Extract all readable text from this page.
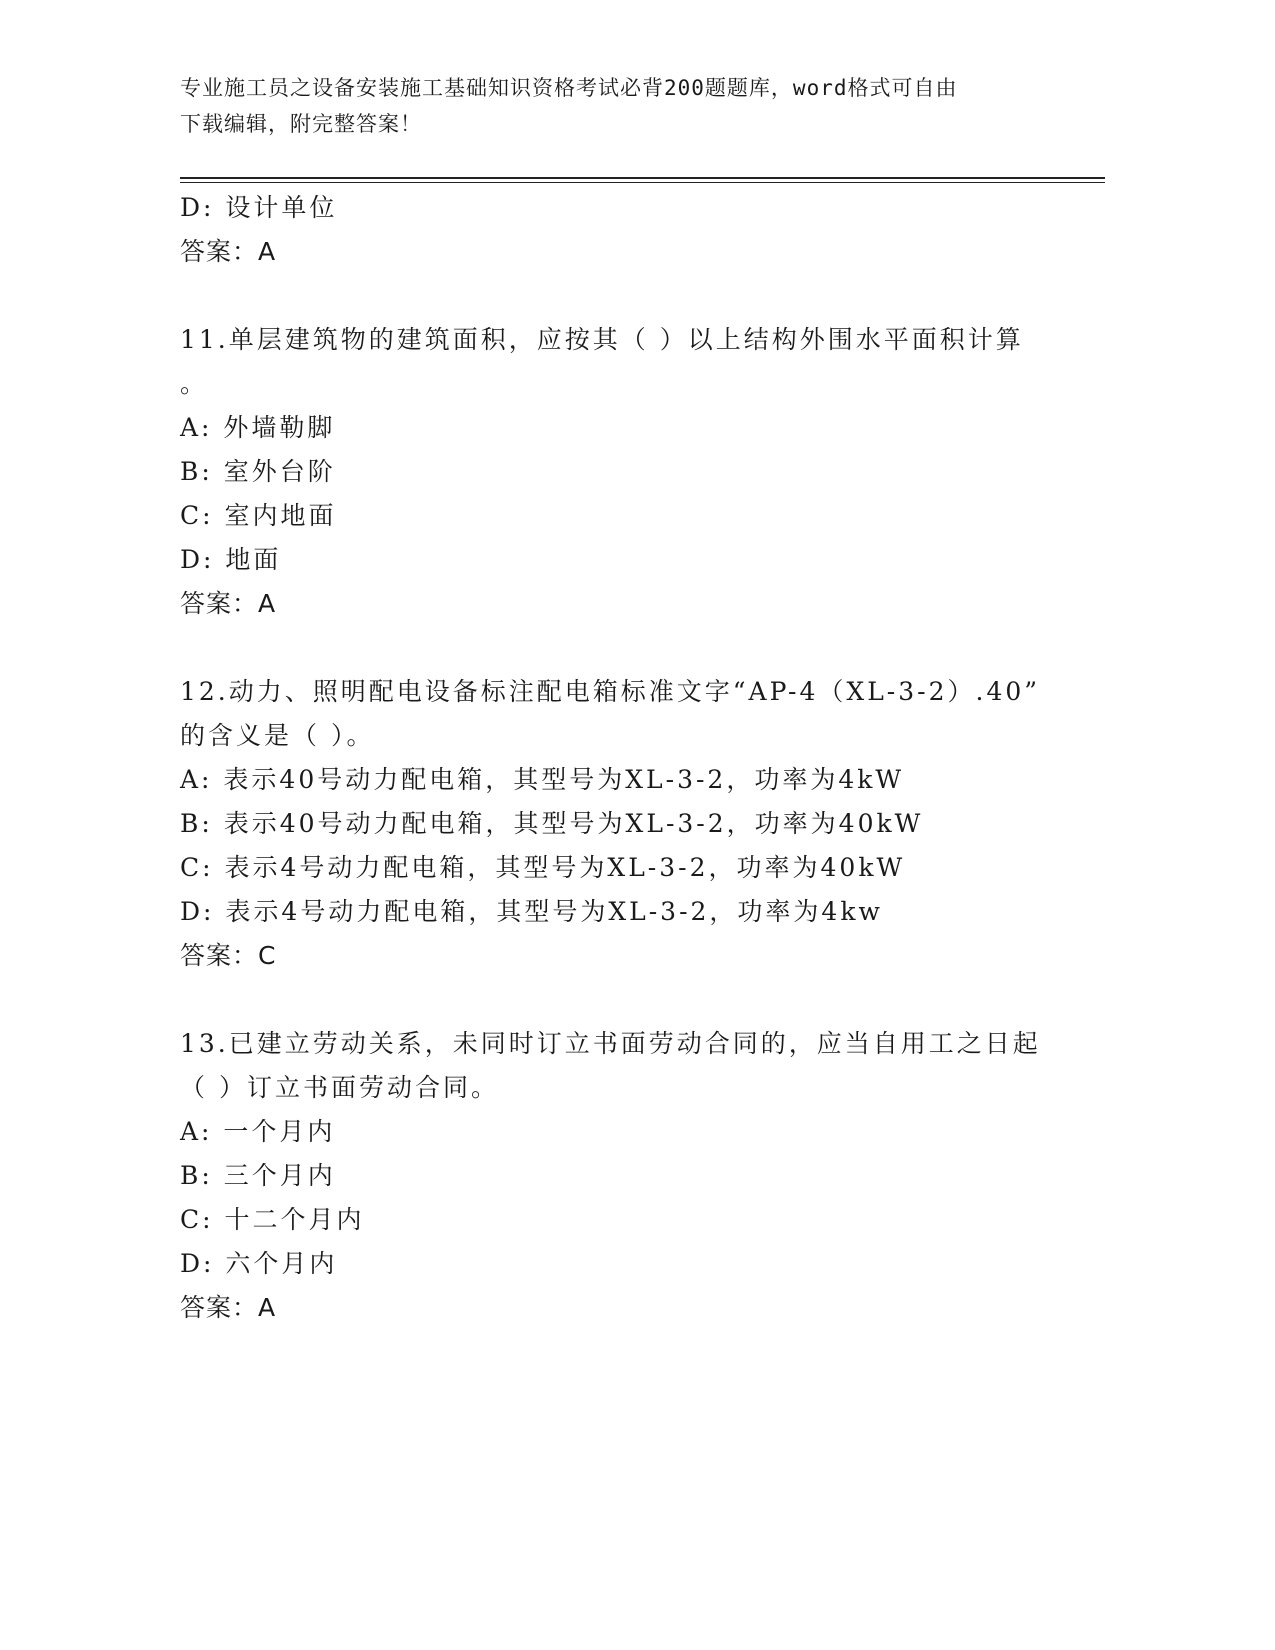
专业施工员之设备安装施工基础知识资格考试必背200题题库，word格式可自由
下载编辑，附完整答案！
D: 设计单位
答案：A
11.单层建筑物的建筑面积，应按其（ ）以上结构外围水平面积计算
。
A: 外墙勒脚
B: 室外台阶
C: 室内地面
D: 地面
答案：A
12.动力、照明配电设备标注配电箱标准文字“AP-4（XL-3-2）.40”
的含义是（ ）。
A: 表示40号动力配电箱，其型号为XL-3-2，功率为4kW
B: 表示40号动力配电箱，其型号为XL-3-2，功率为40kW
C: 表示4号动力配电箱，其型号为XL-3-2，功率为40kW
D: 表示4号动力配电箱，其型号为XL-3-2，功率为4kw
答案：C
13.已建立劳动关系，未同时订立书面劳动合同的，应当自用工之日起
（ ）订立书面劳动合同。
A: 一个月内
B: 三个月内
C: 十二个月内
D: 六个月内
答案：A
